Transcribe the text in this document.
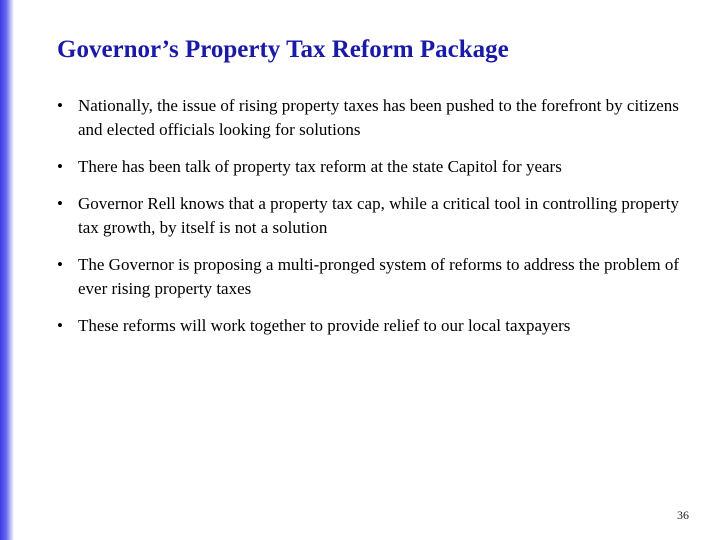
Governor’s Property Tax Reform Package
• Nationally, the issue of rising property taxes has been pushed to the forefront by citizens and elected officials looking for solutions
• There has been talk of property tax reform at the state Capitol for years
• Governor Rell knows that a property tax cap, while a critical tool in controlling property tax growth, by itself is not a solution
• The Governor is proposing a multi-pronged system of reforms to address the problem of ever rising property taxes
• These reforms will work together to provide relief to our local taxpayers
36
